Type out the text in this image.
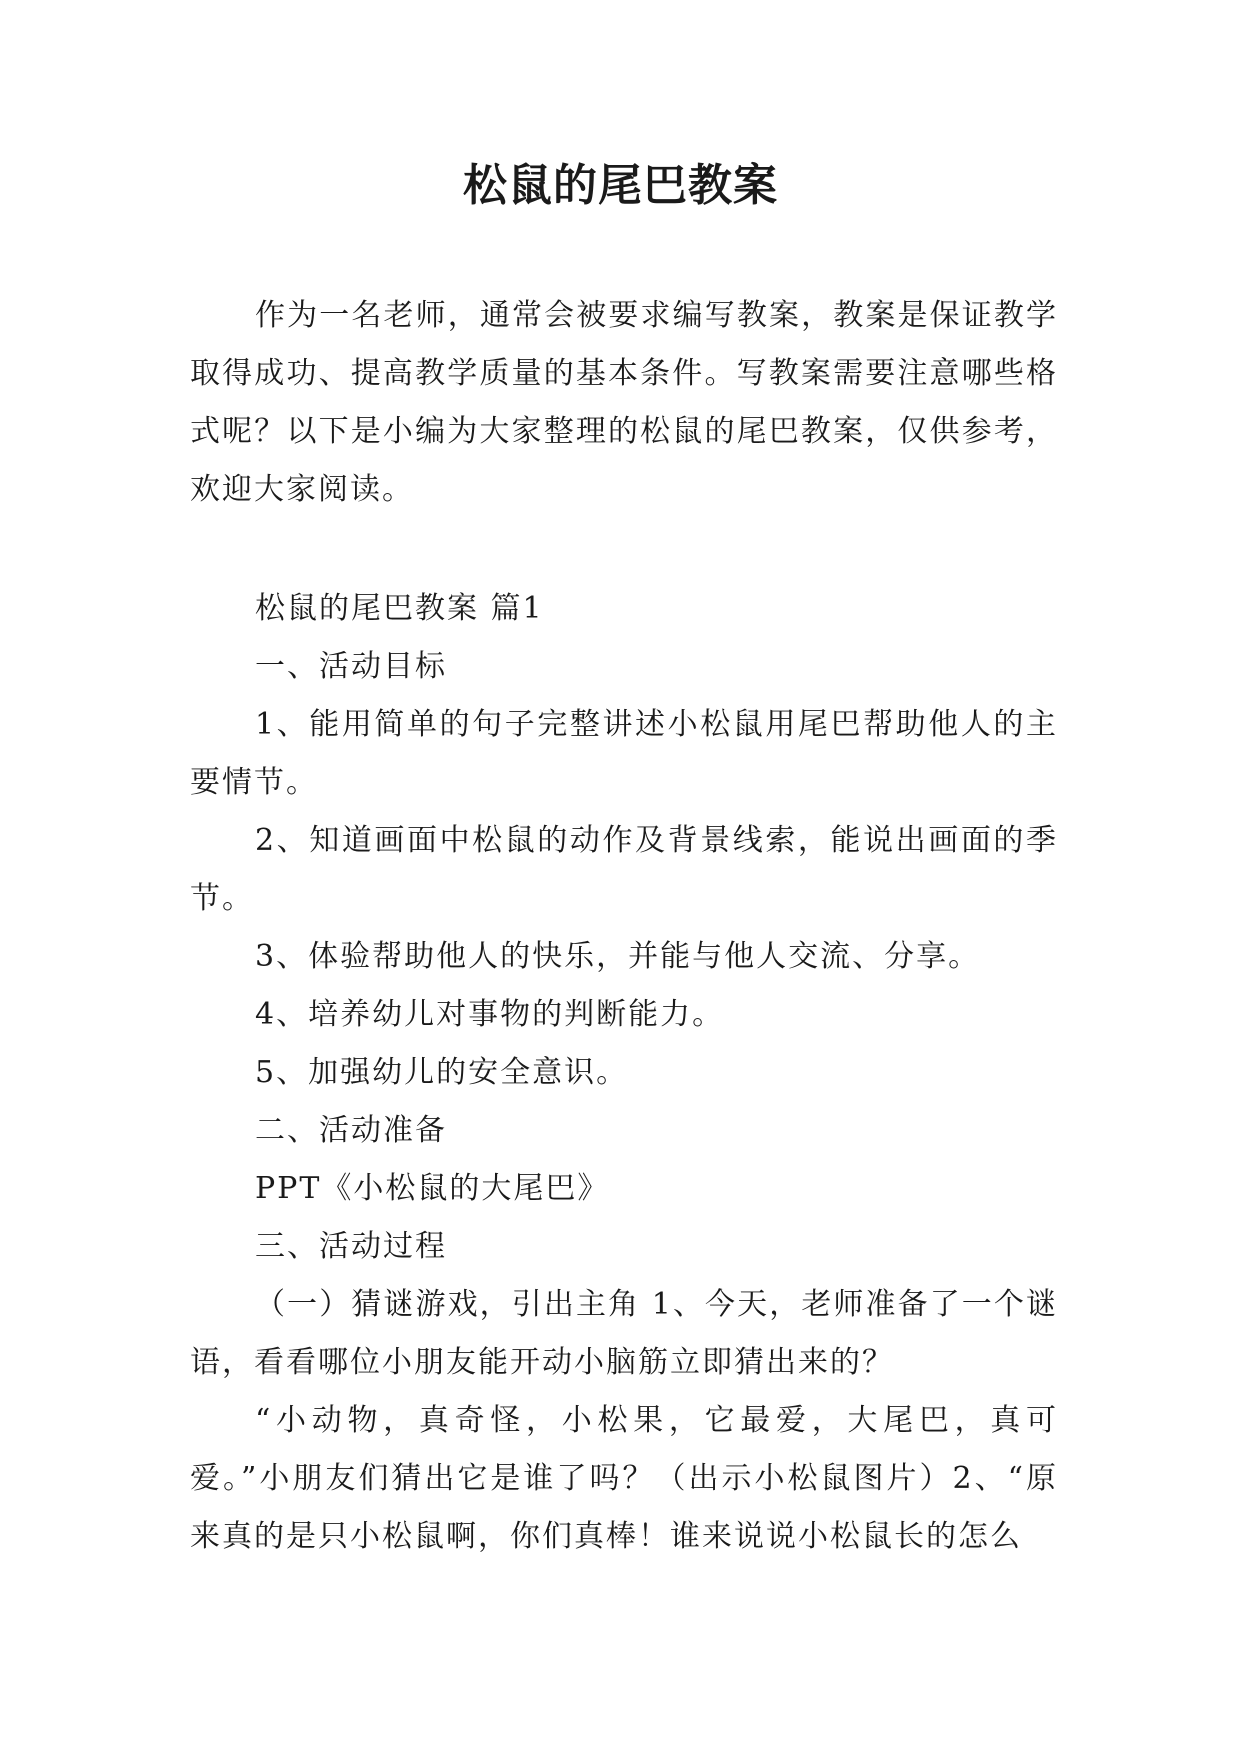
松鼠的尾巴教案

作为一名老师，通常会被要求编写教案，教案是保证教学取得成功、提高教学质量的基本条件。写教案需要注意哪些格式呢？以下是小编为大家整理的松鼠的尾巴教案，仅供参考，欢迎大家阅读。

松鼠的尾巴教案 篇1

一、活动目标

1、能用简单的句子完整讲述小松鼠用尾巴帮助他人的主要情节。

2、知道画面中松鼠的动作及背景线索，能说出画面的季节。

3、体验帮助他人的快乐，并能与他人交流、分享。

4、培养幼儿对事物的判断能力。

5、加强幼儿的安全意识。

二、活动准备

PPT《小松鼠的大尾巴》

三、活动过程

（一）猜谜游戏，引出主角 1、今天，老师准备了一个谜语，看看哪位小朋友能开动小脑筋立即猜出来的？

“小动物，真奇怪，小松果，它最爱，大尾巴，真可爱。”小朋友们猜出它是谁了吗？（出示小松鼠图片）2、“原来真的是只小松鼠啊，你们真棒！谁来说说小松鼠长的怎么
